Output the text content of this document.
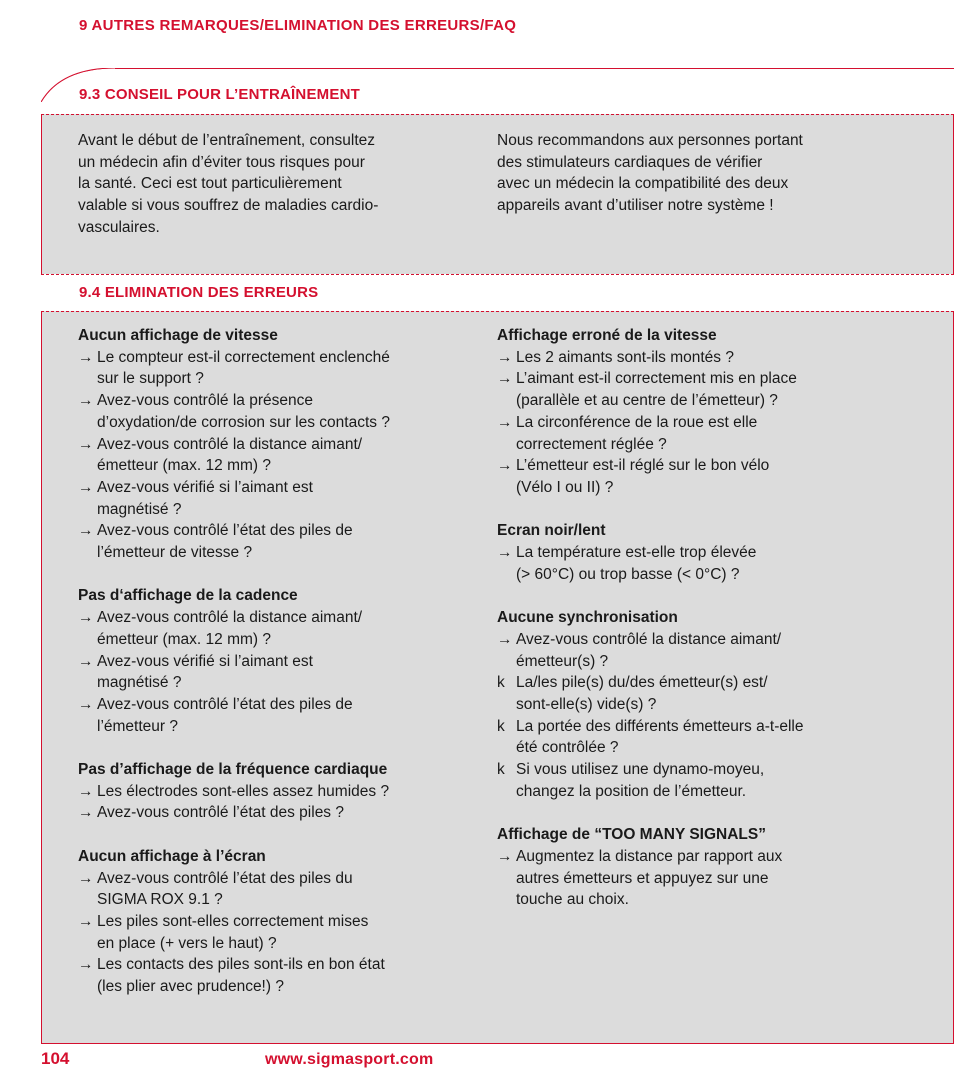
9 AUTRES REMARQUES/ELIMINATION DES ERREURS/FAQ
9.3 CONSEIL POUR L’ENTRAÎNEMENT

Avant le début de l’entraînement, consultez

un médecin afin d’éviter tous risques pour

la santé. Ceci est tout particulièrement

valable si vous souffrez de maladies cardio-

vasculaires.

Nous recommandons aux personnes portant

des stimulateurs cardiaques de vérifier

avec un médecin la compatibilité des deux

appareils avant d’utiliser notre système !

9.4 ELIMINATION DES ERREURS
Aucun affichage de vitesse
→ Le compteur est-il correctement enclenché
sur le support ?
→ Avez-vous contrôlé la présence
d’oxydation/de corrosion sur les contacts ?
→ Avez-vous contrôlé la distance aimant/
émetteur (max. 12 mm) ?
→ Avez-vous vérifié si l’aimant est
magnétisé ?
→ Avez-vous contrôlé l’état des piles de
l’émetteur de vitesse ?
Pas d‘affichage de la cadence
→ Avez-vous contrôlé la distance aimant/
émetteur (max. 12 mm) ?
→ Avez-vous vérifié si l’aimant est
magnétisé ?
→ Avez-vous contrôlé l’état des piles de
l’émetteur ?
Pas d’affichage de la fréquence cardiaque
→ Les électrodes sont-elles assez humides ?
→ Avez-vous contrôlé l’état des piles ?
Aucun affichage à l’écran
→ Avez-vous contrôlé l’état des piles du
SIGMA ROX 9.1 ?
→ Les piles sont-elles correctement mises
en place (+ vers le haut) ?
→ Les contacts des piles sont-ils en bon état
(les plier avec prudence!) ?
Affichage erroné de la vitesse
→ Les 2 aimants sont-ils montés ?
→ L’aimant est-il correctement mis en place
(parallèle et au centre de l’émetteur) ?
→ La circonférence de la roue est elle
correctement réglée ?
→ L’émetteur est-il réglé sur le bon vélo
(Vélo I ou II) ?
Ecran noir/lent
→ La température est-elle trop élevée
(> 60°C) ou trop basse (< 0°C) ?
Aucune synchronisation
→ Avez-vous contrôlé la distance aimant/
émetteur(s) ?
k La/les pile(s) du/des émetteur(s) est/
sont-elle(s) vide(s) ?
k La portée des différents émetteurs a-t-elle
été contrôlée ?
k Si vous utilisez une dynamo-moyeu,
changez la position de l’émetteur.
Affichage de “TOO MANY SIGNALS”
→ Augmentez la distance par rapport aux
autres émetteurs et appuyez sur une
touche au choix.
104	www.sigmasport.com
